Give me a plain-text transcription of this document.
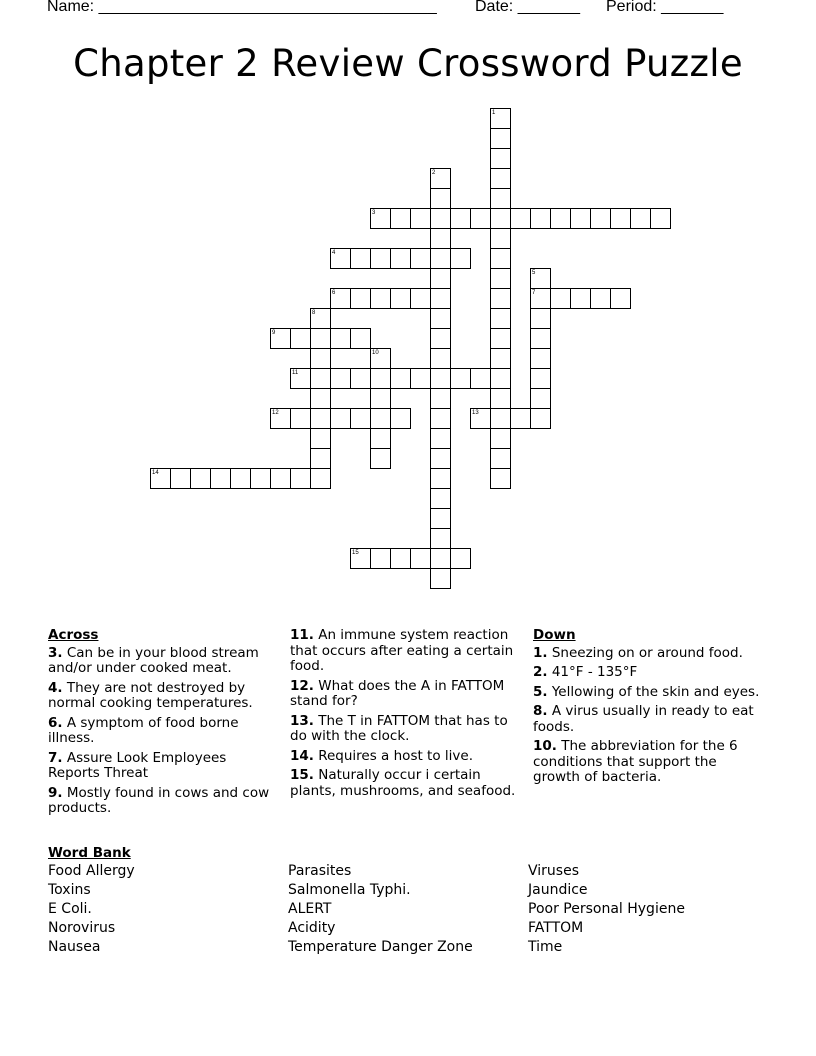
Name: ______________________________________ Date: _______ Period: _______
Chapter 2 Review Crossword Puzzle
1
2
3
4
5
6	7
8
9
10
11
12	13
14
15
Across
3. Can be in your blood stream and/or under cooked meat.
4. They are not destroyed by normal cooking temperatures.
6. A symptom of food borne illness.
7. Assure Look Employees Reports Threat
9. Mostly found in cows and cow products.
11. An immune system reaction that occurs after eating a certain food.
12. What does the A in FATTOM stand for?
13. The T in FATTOM that has to do with the clock.
14. Requires a host to live.
15. Naturally occur i certain plants, mushrooms, and seafood.
Down
1. Sneezing on or around food.
2. 41°F - 135°F
5. Yellowing of the skin and eyes.
8. A virus usually in ready to eat foods.
10. The abbreviation for the 6 conditions that support the growth of bacteria.
Word Bank
Food Allergy
Toxins
E Coli.
Norovirus
Nausea
Parasites
Salmonella Typhi.
ALERT
Acidity
Temperature Danger Zone
Viruses
Jaundice
Poor Personal Hygiene
FATTOM
Time
